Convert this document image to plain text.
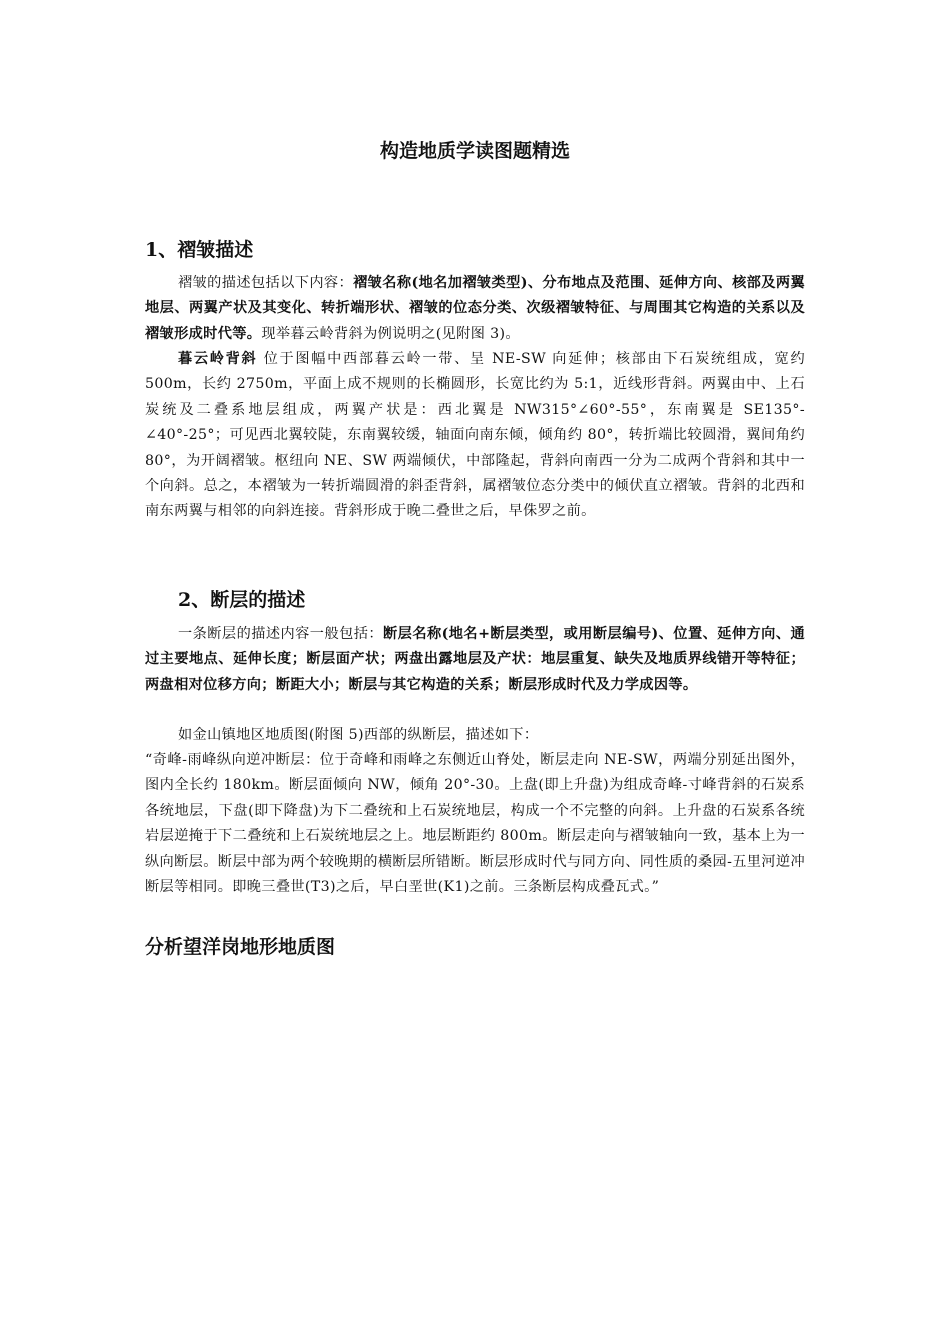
构造地质学读图题精选
1、褶皱描述
褶皱的描述包括以下内容：褶皱名称(地名加褶皱类型)、分布地点及范围、延伸方向、核部及两翼地层、两翼产状及其变化、转折端形状、褶皱的位态分类、次级褶皱特征、与周围其它构造的关系以及褶皱形成时代等。现举暮云岭背斜为例说明之(见附图 3)。
暮云岭背斜 位于图幅中西部暮云岭一带、呈 NE-SW 向延伸；核部由下石炭统组成，宽约 500m，长约 2750m，平面上成不规则的长椭圆形，长宽比约为 5:1，近线形背斜。两翼由中、上石炭统及二叠系地层组成，两翼产状是：西北翼是 NW315°∠60°-55°，东南翼是 SE135°-∠40°-25°；可见西北翼较陡，东南翼较缓，轴面向南东倾，倾角约 80°，转折端比较圆滑，翼间角约 80°，为开阔褶皱。枢纽向 NE、SW 两端倾伏，中部隆起，背斜向南西一分为二成两个背斜和其中一个向斜。总之，本褶皱为一转折端圆滑的斜歪背斜，属褶皱位态分类中的倾伏直立褶皱。背斜的北西和南东两翼与相邻的向斜连接。背斜形成于晚二叠世之后，早侏罗之前。
2、断层的描述
一条断层的描述内容一般包括：断层名称(地名+断层类型，或用断层编号)、位置、延伸方向、通过主要地点、延伸长度；断层面产状；两盘出露地层及产状：地层重复、缺失及地质界线错开等特征；两盘相对位移方向；断距大小；断层与其它构造的关系；断层形成时代及力学成因等。
如金山镇地区地质图(附图 5)西部的纵断层，描述如下：
“奇峰-雨峰纵向逆冲断层：位于奇峰和雨峰之东侧近山脊处，断层走向 NE-SW，两端分别延出图外，图内全长约 180km。断层面倾向 NW，倾角 20°-30。上盘(即上升盘)为组成奇峰-寸峰背斜的石炭系各统地层，下盘(即下降盘)为下二叠统和上石炭统地层，构成一个不完整的向斜。上升盘的石炭系各统岩层逆掩于下二叠统和上石炭统地层之上。地层断距约 800m。断层走向与褶皱轴向一致，基本上为一纵向断层。断层中部为两个较晚期的横断层所错断。断层形成时代与同方向、同性质的桑园-五里河逆冲断层等相同。即晚三叠世(T3)之后，早白垩世(K1)之前。三条断层构成叠瓦式。”
分析望洋岗地形地质图
